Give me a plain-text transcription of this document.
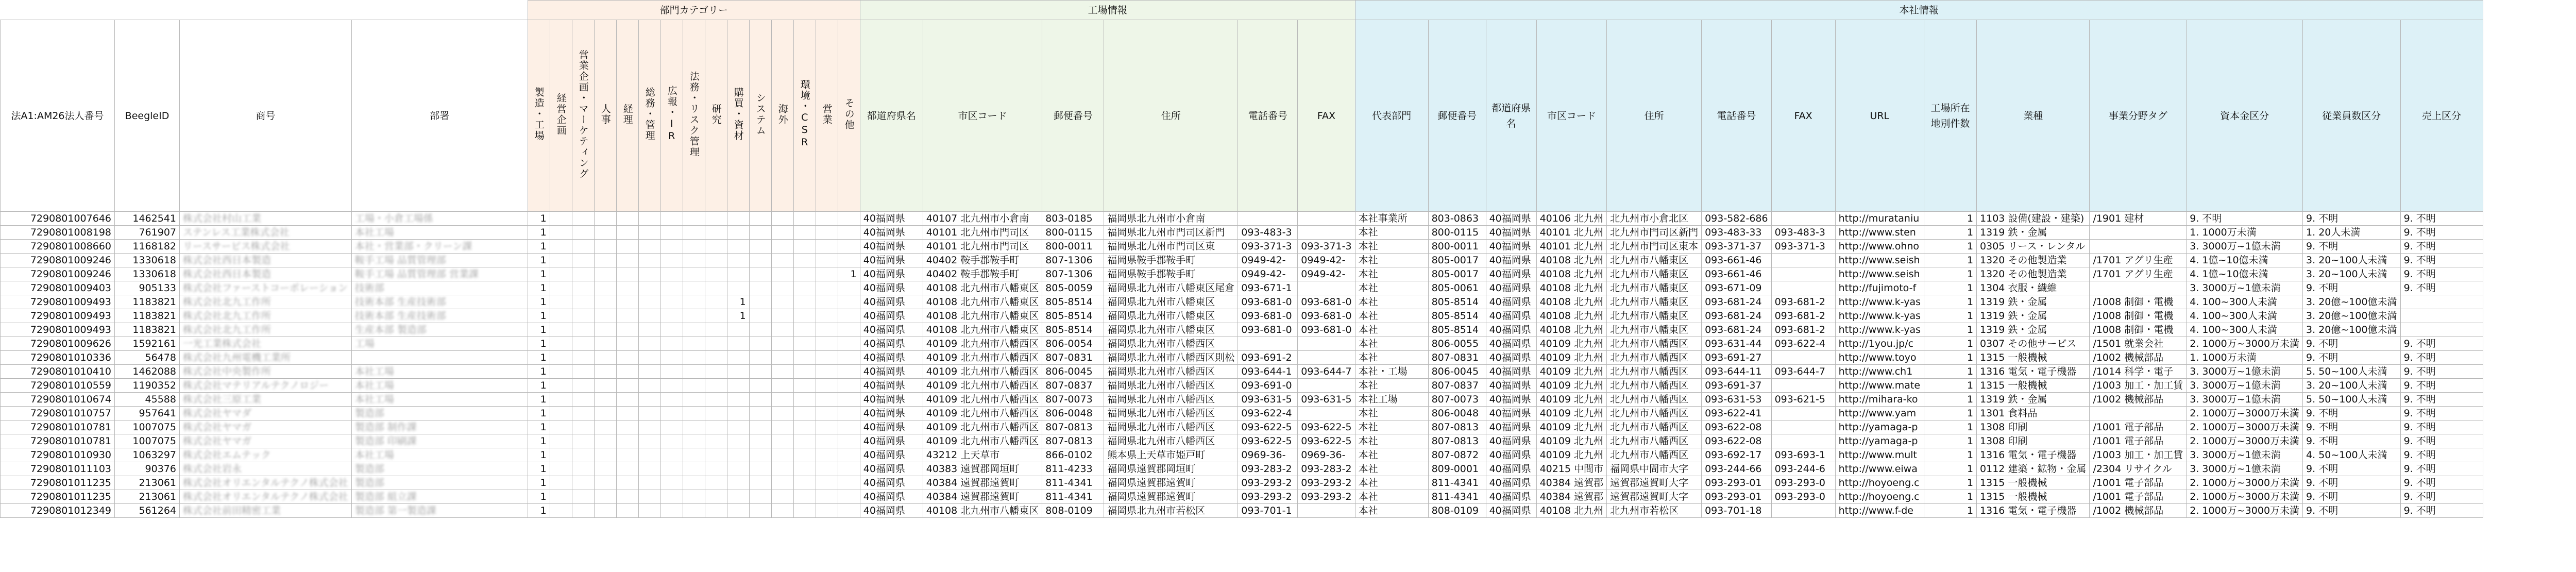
				部門カテゴリー															工場情報						本社情報													
法A1:AM26法人番号	BeegleID	商号	部署	製造・工場	経営企画	営業企画・マーケティング	人事	経理	総務・管理	広報・IR	法務・リスク管理	研究	購買・資材	システム	海外	環境・CSR	営業	その他	都道府県名	市区コード	郵便番号	住所	電話番号	FAX	代表部門	郵便番号	都道府県名	市区コード	住所	電話番号	FAX	URL	工場所在地別件数	業種	事業分野タグ	資本金区分	従業員数区分	売上区分
7290801007646	1462541	株式会社村山工業	工場・小倉工場係	1															40福岡県	40107 北九州市小倉南	803-0185	福岡県北九州市小倉南			本社事業所	803-0863	40福岡県	40106 北九州	北九州市小倉北区	093-582-686		http://murataniu	1	1103 設備(建設・建築)	/1901 建材	9. 不明	9. 不明	9. 不明
7290801008198	761907	ステンレス工業株式会社	本社工場	1															40福岡県	40101 北九州市門司区	800-0115	福岡県北九州市門司区新門	093-483-3		本社	800-0115	40福岡県	40101 北九州	北九州市門司区新門	093-483-33	093-483-3	http://www.sten	1	1319 鉄・金属		1. 1000万未満	1. 20人未満	9. 不明
7290801008660	1168182	リースサービス株式会社	本社・営業部・クリーン課	1															40福岡県	40101 北九州市門司区	800-0011	福岡県北九州市門司区東	093-371-3	093-371-3	本社	800-0011	40福岡県	40101 北九州	北九州市門司区東本	093-371-37	093-371-3	http://www.ohno	1	0305 リース・レンタル		3. 3000万~1億未満	9. 不明	9. 不明
7290801009246	1330618	株式会社西日本製造	鞍手工場 品質管理部	1															40福岡県	40402 鞍手郡鞍手町	807-1306	福岡県鞍手郡鞍手町	0949-42-	0949-42-	本社	805-0017	40福岡県	40108 北九州	北九州市八幡東区	093-661-46		http://www.seish	1	1320 その他製造業	/1701 アグリ生産	4. 1億~10億未満	3. 20~100人未満	9. 不明
7290801009246	1330618	株式会社西日本製造	鞍手工場 品質管理部 営業課	1														1	40福岡県	40402 鞍手郡鞍手町	807-1306	福岡県鞍手郡鞍手町	0949-42-	0949-42-	本社	805-0017	40福岡県	40108 北九州	北九州市八幡東区	093-661-46		http://www.seish	1	1320 その他製造業	/1701 アグリ生産	4. 1億~10億未満	3. 20~100人未満	9. 不明
7290801009403	905133	株式会社ファーストコーポレーション	技術部	1															40福岡県	40108 北九州市八幡東区	805-0059	福岡県北九州市八幡東区尾倉	093-671-1		本社	805-0061	40福岡県	40108 北九州	北九州市八幡東区	093-671-09		http://fujimoto-f	1	1304 衣服・繊維		3. 3000万~1億未満	9. 不明	9. 不明
7290801009493	1183821	株式会社北九工作所	技術本部 生産技術部	1									1						40福岡県	40108 北九州市八幡東区	805-8514	福岡県北九州市八幡東区	093-681-0	093-681-0	本社	805-8514	40福岡県	40108 北九州	北九州市八幡東区	093-681-24	093-681-2	http://www.k-yas	1	1319 鉄・金属	/1008 制御・電機	4. 100~300人未満	3. 20億~100億未満	
7290801009493	1183821	株式会社北九工作所	技術本部 生産技術部	1									1						40福岡県	40108 北九州市八幡東区	805-8514	福岡県北九州市八幡東区	093-681-0	093-681-0	本社	805-8514	40福岡県	40108 北九州	北九州市八幡東区	093-681-24	093-681-2	http://www.k-yas	1	1319 鉄・金属	/1008 制御・電機	4. 100~300人未満	3. 20億~100億未満	
7290801009493	1183821	株式会社北九工作所	生産本部 製造部	1															40福岡県	40108 北九州市八幡東区	805-8514	福岡県北九州市八幡東区	093-681-0	093-681-0	本社	805-8514	40福岡県	40108 北九州	北九州市八幡東区	093-681-24	093-681-2	http://www.k-yas	1	1319 鉄・金属	/1008 制御・電機	4. 100~300人未満	3. 20億~100億未満	
7290801009626	1592161	一光工業株式会社	工場	1															40福岡県	40109 北九州市八幡西区	806-0054	福岡県北九州市八幡西区			本社	806-0055	40福岡県	40109 北九州	北九州市八幡西区	093-631-44	093-622-4	http://1you.jp/c	1	0307 その他サービス	/1501 就業会社	2. 1000万~3000万未満	9. 不明	9. 不明
7290801010336	56478	株式会社九州電機工業所		1															40福岡県	40109 北九州市八幡西区	807-0831	福岡県北九州市八幡西区則松	093-691-2		本社	807-0831	40福岡県	40109 北九州	北九州市八幡西区	093-691-27		http://www.toyo	1	1315 一般機械	/1002 機械部品	1. 1000万未満	9. 不明	9. 不明
7290801010410	1462088	株式会社中央製作所	本社工場	1															40福岡県	40109 北九州市八幡西区	806-0045	福岡県北九州市八幡西区	093-644-1	093-644-7	本社・工場	806-0045	40福岡県	40109 北九州	北九州市八幡西区	093-644-11	093-644-7	http://www.ch1	1	1316 電気・電子機器	/1014 科学・電子	3. 3000万~1億未満	5. 50~100人未満	9. 不明
7290801010559	1190352	株式会社マテリアルテクノロジー	本社工場	1															40福岡県	40109 北九州市八幡西区	807-0837	福岡県北九州市八幡西区	093-691-0		本社	807-0837	40福岡県	40109 北九州	北九州市八幡西区	093-691-37		http://www.mate	1	1315 一般機械	/1003 加工・加工賃	3. 3000万~1億未満	3. 20~100人未満	9. 不明
7290801010674	45588	株式会社三原工業	本社工場	1															40福岡県	40109 北九州市八幡西区	807-0073	福岡県北九州市八幡西区	093-631-5	093-631-5	本社工場	807-0073	40福岡県	40109 北九州	北九州市八幡西区	093-631-53	093-621-5	http://mihara-ko	1	1319 鉄・金属	/1002 機械部品	3. 3000万~1億未満	5. 50~100人未満	9. 不明
7290801010757	957641	株式会社ヤマダ	製造部	1															40福岡県	40109 北九州市八幡西区	806-0048	福岡県北九州市八幡西区	093-622-4		本社	806-0048	40福岡県	40109 北九州	北九州市八幡西区	093-622-41		http://www.yam	1	1301 食料品		2. 1000万~3000万未満	9. 不明	9. 不明
7290801010781	1007075	株式会社ヤマガ	製造部 制作課	1															40福岡県	40109 北九州市八幡西区	807-0813	福岡県北九州市八幡西区	093-622-5	093-622-5	本社	807-0813	40福岡県	40109 北九州	北九州市八幡西区	093-622-08		http://yamaga-p	1	1308 印刷	/1001 電子部品	2. 1000万~3000万未満	9. 不明	9. 不明
7290801010781	1007075	株式会社ヤマガ	製造部 印刷課	1															40福岡県	40109 北九州市八幡西区	807-0813	福岡県北九州市八幡西区	093-622-5	093-622-5	本社	807-0813	40福岡県	40109 北九州	北九州市八幡西区	093-622-08		http://yamaga-p	1	1308 印刷	/1001 電子部品	2. 1000万~3000万未満	9. 不明	9. 不明
7290801010930	1063297	株式会社エムテック	本社工場	1															40福岡県	43212 上天草市	866-0102	熊本県上天草市姫戸町	0969-36-	0969-36-	本社	807-0872	40福岡県	40109 北九州	北九州市八幡西区	093-692-17	093-693-1	http://www.mult	1	1316 電気・電子機器	/1003 加工・加工賃	3. 3000万~1億未満	4. 50~100人未満	9. 不明
7290801011103	90376	株式会社岩永	製造部	1															40福岡県	40383 遠賀郡岡垣町	811-4233	福岡県遠賀郡岡垣町	093-283-2	093-283-2	本社	809-0001	40福岡県	40215 中間市	福岡県中間市大字	093-244-66	093-244-6	http://www.eiwa	1	0112 建築・鉱物・金属	/2304 リサイクル	3. 3000万~1億未満	9. 不明	9. 不明
7290801011235	213061	株式会社オリエンタルテクノ株式会社	製造部	1															40福岡県	40384 遠賀郡遠賀町	811-4341	福岡県遠賀郡遠賀町	093-293-2	093-293-2	本社	811-4341	40福岡県	40384 遠賀郡	遠賀郡遠賀町大字	093-293-01	093-293-0	http://hoyoeng.c	1	1315 一般機械	/1001 電子部品	2. 1000万~3000万未満	9. 不明	9. 不明
7290801011235	213061	株式会社オリエンタルテクノ株式会社	製造部 組立課	1															40福岡県	40384 遠賀郡遠賀町	811-4341	福岡県遠賀郡遠賀町	093-293-2	093-293-2	本社	811-4341	40福岡県	40384 遠賀郡	遠賀郡遠賀町大字	093-293-01	093-293-0	http://hoyoeng.c	1	1315 一般機械	/1001 電子部品	2. 1000万~3000万未満	9. 不明	9. 不明
7290801012349	561264	株式会社前田精密工業	製造部 第一製造課	1															40福岡県	40108 北九州市八幡東区	808-0109	福岡県北九州市若松区	093-701-1		本社	808-0109	40福岡県	40108 北九州	北九州市若松区	093-701-18		http://www.f-de	1	1316 電気・電子機器	/1002 機械部品	2. 1000万~3000万未満	9. 不明	9. 不明
